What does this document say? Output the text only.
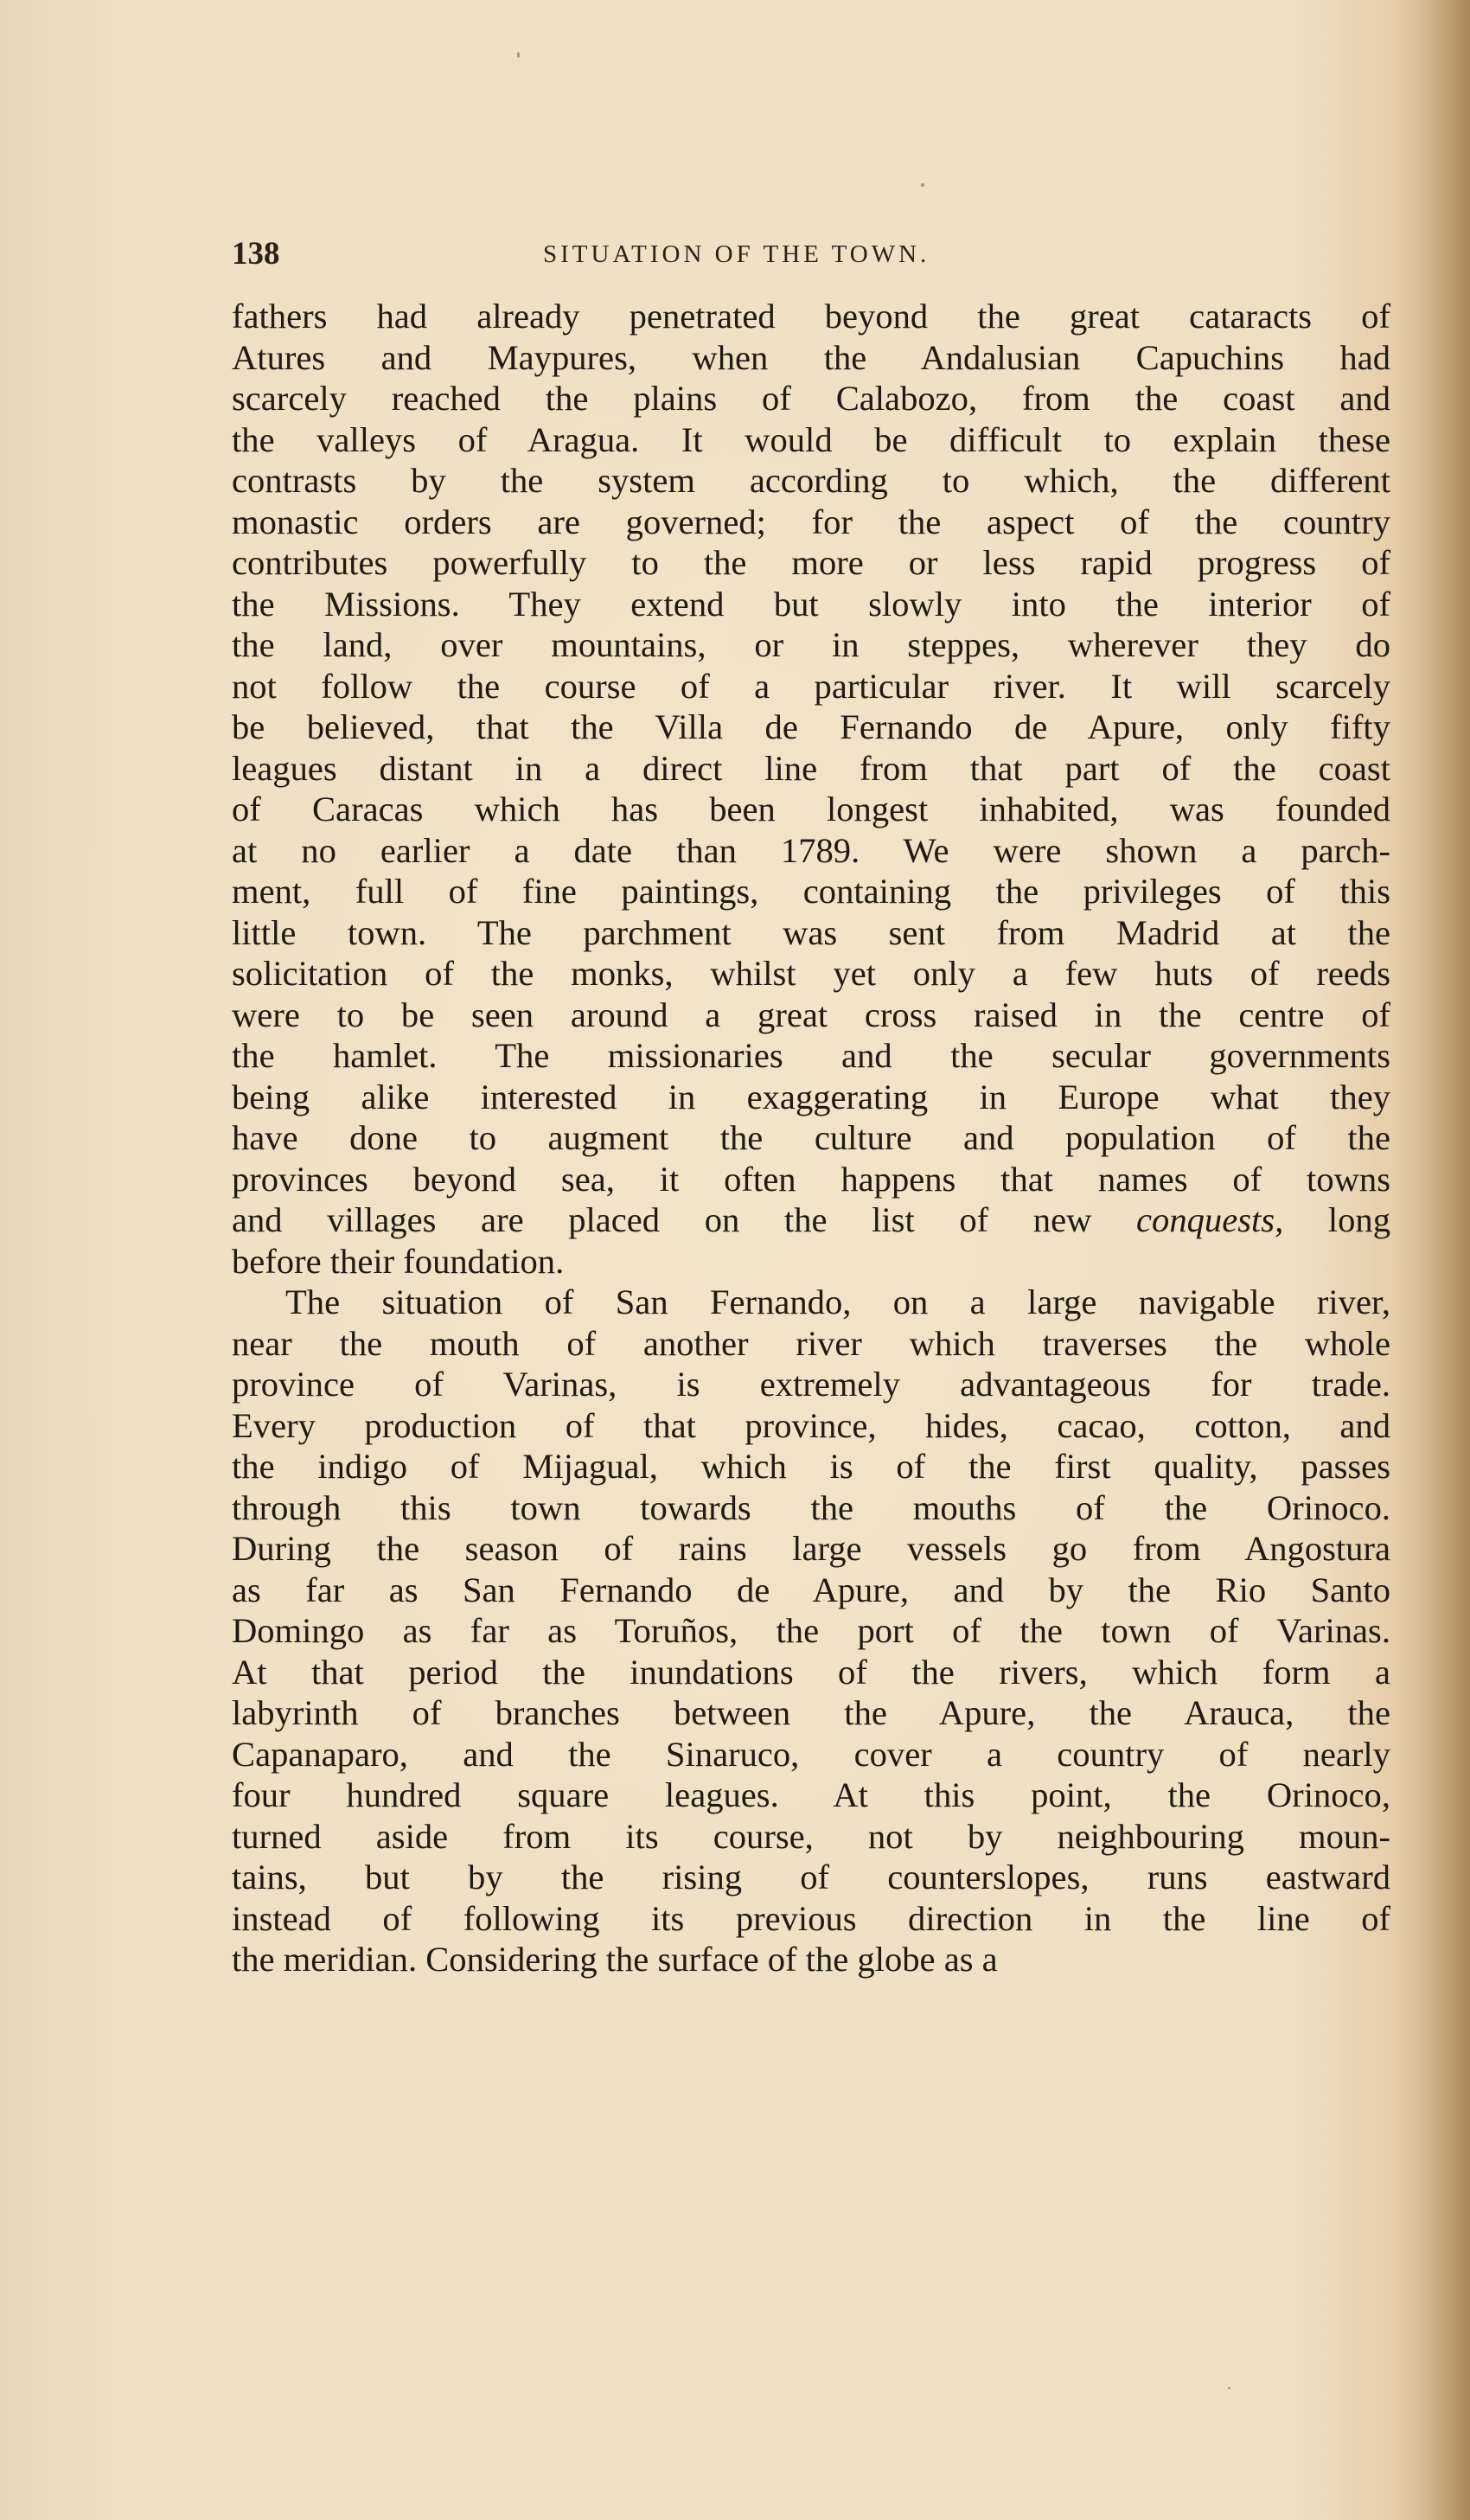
138	SITUATION OF THE TOWN.
fathers had already penetrated beyond the great cataracts of
Atures and Maypures, when the Andalusian Capuchins had
scarcely reached the plains of Calabozo, from the coast and
the valleys of Aragua. It would be difficult to explain these
contrasts by the system according to which, the different
monastic orders are governed; for the aspect of the country
contributes powerfully to the more or less rapid progress of
the Missions. They extend but slowly into the interior of
the land, over mountains, or in steppes, wherever they do
not follow the course of a particular river. It will scarcely
be believed, that the Villa de Fernando de Apure, only fifty
leagues distant in a direct line from that part of the coast
of Caracas which has been longest inhabited, was founded
at no earlier a date than 1789. We were shown a parch-
ment, full of fine paintings, containing the privileges of this
little town. The parchment was sent from Madrid at the
solicitation of the monks, whilst yet only a few huts of reeds
were to be seen around a great cross raised in the centre of
the hamlet. The missionaries and the secular governments
being alike interested in exaggerating in Europe what they
have done to augment the culture and population of the
provinces beyond sea, it often happens that names of towns
and villages are placed on the list of new conquests, long
before their foundation.
The situation of San Fernando, on a large navigable river,
near the mouth of another river which traverses the whole
province of Varinas, is extremely advantageous for trade.
Every production of that province, hides, cacao, cotton, and
the indigo of Mijagual, which is of the first quality, passes
through this town towards the mouths of the Orinoco.
During the season of rains large vessels go from Angostura
as far as San Fernando de Apure, and by the Rio Santo
Domingo as far as Toruños, the port of the town of Varinas.
At that period the inundations of the rivers, which form a
labyrinth of branches between the Apure, the Arauca, the
Capanaparo, and the Sinaruco, cover a country of nearly
four hundred square leagues. At this point, the Orinoco,
turned aside from its course, not by neighbouring moun-
tains, but by the rising of counterslopes, runs eastward
instead of following its previous direction in the line of
the meridian. Considering the surface of the globe as a
